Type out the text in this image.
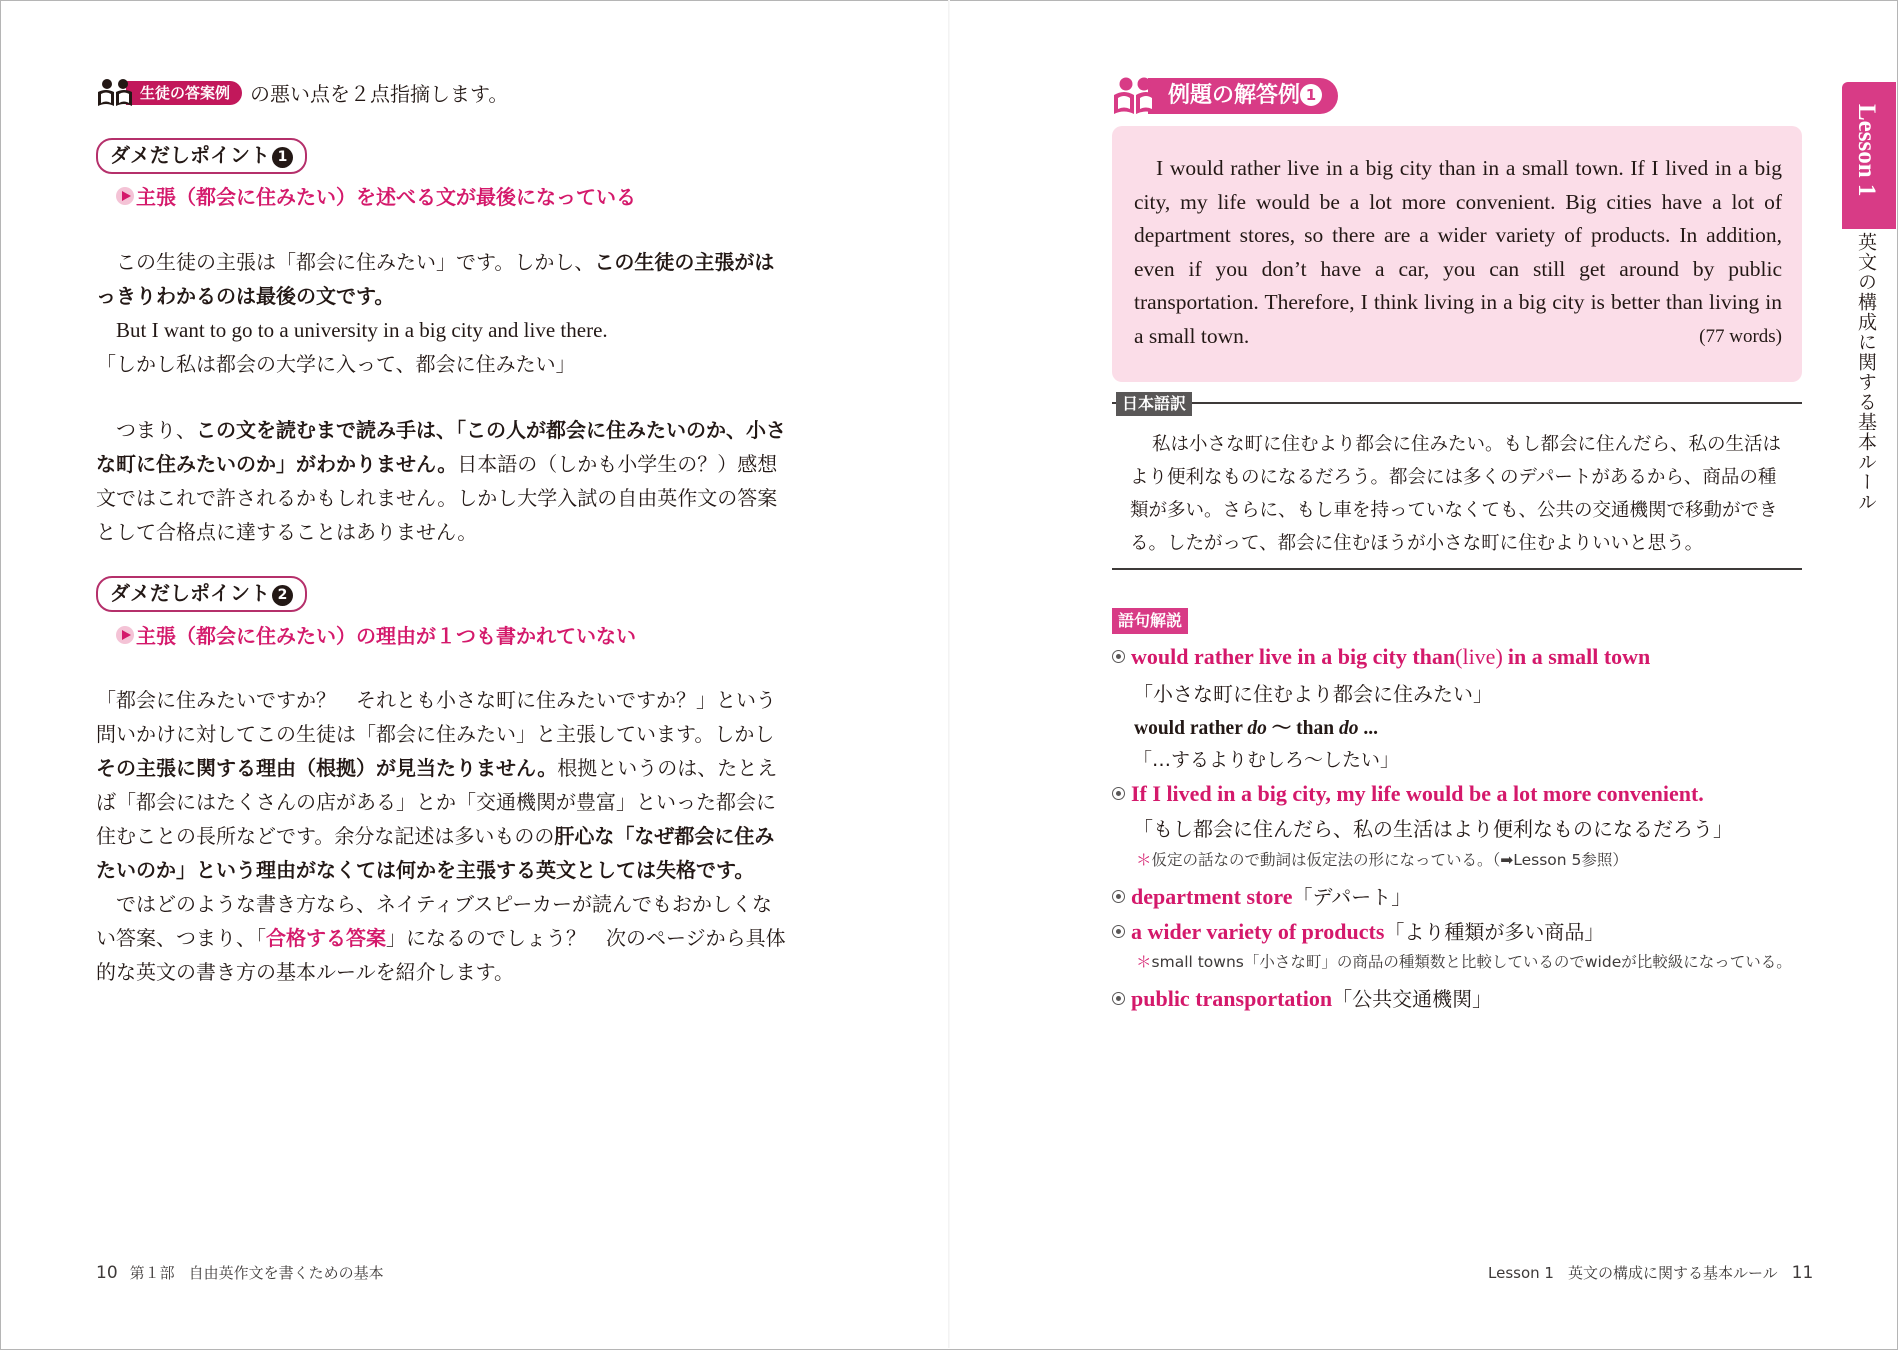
生徒の答案例	の悪い点を２点指摘します。
ダメだしポイント 1
主張（都会に住みたい）を述べる文が最後になっている
この生徒の主張は「都会に住みたい」です。しかし、この生徒の主張がはっきりわかるのは最後の文です。
But I want to go to a university in a big city and live there.
「しかし私は都会の大学に入って、都会に住みたい」
つまり、この文を読むまで読み手は、「この人が都会に住みたいのか、小さな町に住みたいのか」がわかりません。日本語の（しかも小学生の？）感想文ではこれで許されるかもしれません。しかし大学入試の自由英作文の答案として合格点に達することはありません。
ダメだしポイント 2
主張（都会に住みたい）の理由が１つも書かれていない
「都会に住みたいですか？　それとも小さな町に住みたいですか？」という問いかけに対してこの生徒は「都会に住みたい」と主張しています。しかしその主張に関する理由（根拠）が見当たりません。根拠というのは、たとえば「都会にはたくさんの店がある」とか「交通機関が豊富」といった都会に住むことの長所などです。余分な記述は多いものの肝心な「なぜ都会に住みたいのか」という理由がなくては何かを主張する英文としては失格です。
ではどのような書き方なら、ネイティブスピーカーが読んでもおかしくない答案、つまり、「合格する答案」になるのでしょう？　次のページから具体的な英文の書き方の基本ルールを紹介します。
10 第１部 自由英作文を書くための基本
例題の解答例 1
I would rather live in a big city than in a small town. If I lived in a big city, my life would be a lot more convenient. Big cities have a lot of department stores, so there are a wider variety of products. In addition, even if you don’t have a car, you can still get around by public transportation. Therefore, I think living in a big city is better than living in a small town.	(77 words)
日本語訳
私は小さな町に住むより都会に住みたい。もし都会に住んだら、私の生活はより便利なものになるだろう。都会には多くのデパートがあるから、商品の種類が多い。さらに、もし車を持っていなくても、公共の交通機関で移動ができる。したがって、都会に住むほうが小さな町に住むよりいいと思う。
語句解説
would rather live in a big city than(live) in a small town
「小さな町に住むより都会に住みたい」
would rather do 〜 than do ...
「…するよりむしろ〜したい」
If I lived in a big city, my life would be a lot more convenient.
「もし都会に住んだら、私の生活はより便利なものになるだろう」
＊仮定の話なので動詞は仮定法の形になっている。（➡Lesson 5参照）
department store「デパート」
a wider variety of products「より種類が多い商品」
＊small towns「小さな町」の商品の種類数と比較しているのでwideが比較級になっている。
public transportation「公共交通機関」
Lesson 1 英文の構成に関する基本ルール 11
Lesson 1
英文の構成に関する基本ルール
